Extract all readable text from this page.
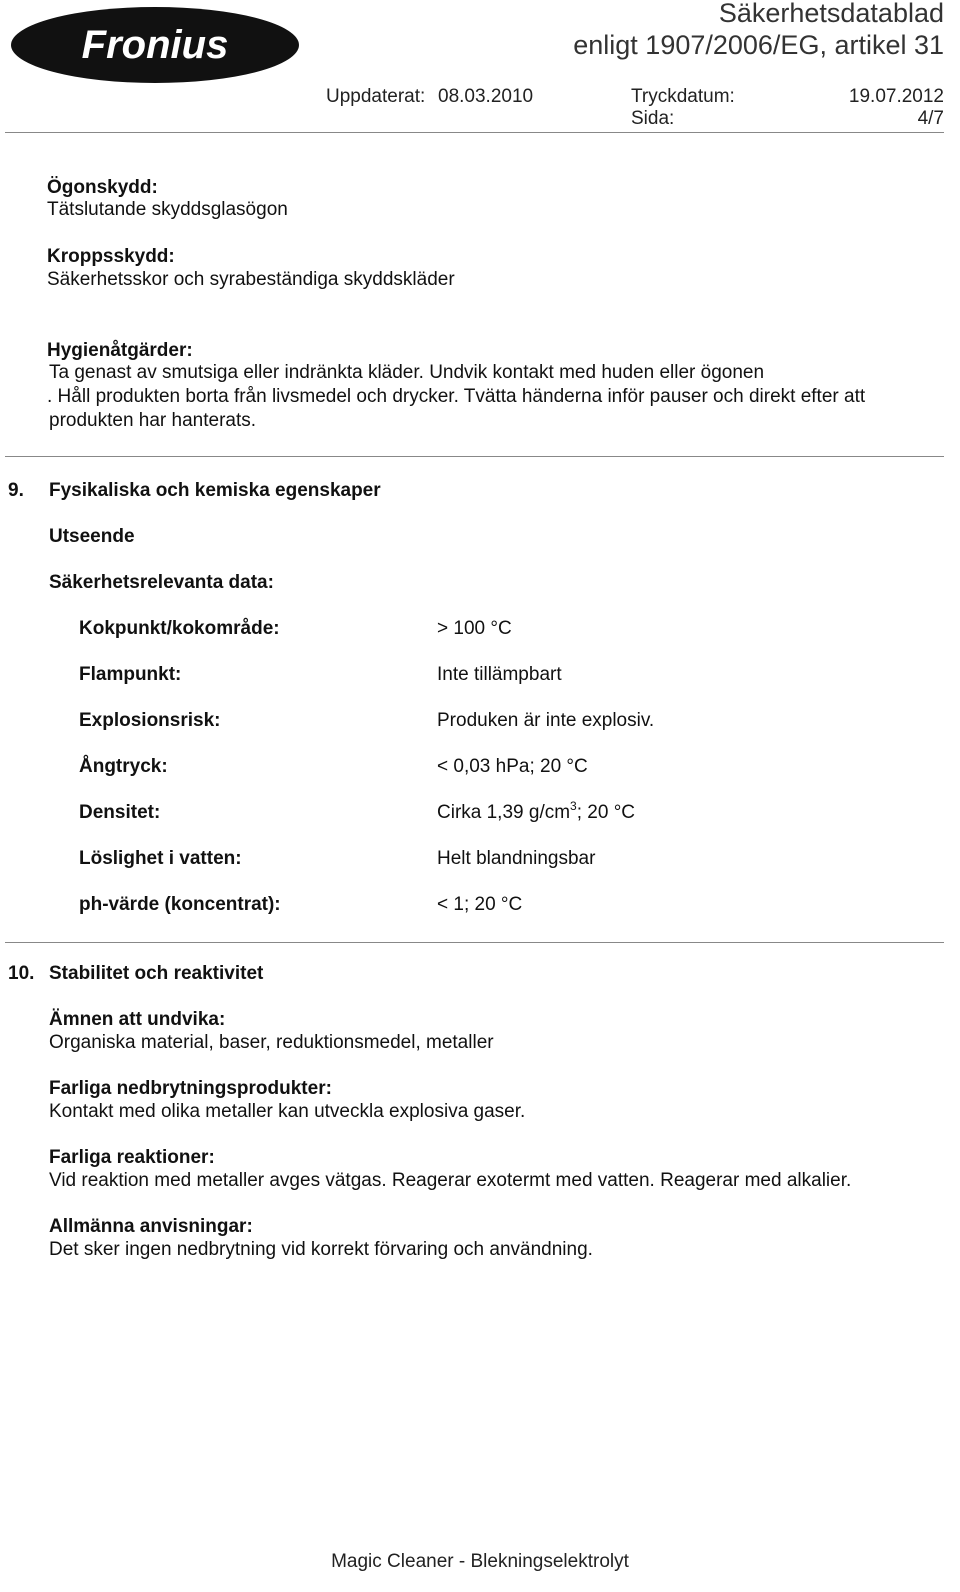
Fronius
Säkerhetsdatablad
enligt 1907/2006/EG, artikel 31
Uppdaterat: 08.03.2010	Tryckdatum:	19.07.2012
Sida:	4/7
Ögonskydd:
Tätslutande skyddsglasögon
Kroppsskydd:
Säkerhetsskor och syrabeständiga skyddskläder
Hygienåtgärder:
Ta genast av smutsiga eller indränkta kläder. Undvik kontakt med huden eller ögonen
. Håll produkten borta från livsmedel och drycker. Tvätta händerna inför pauser och direkt efter att
produkten har hanterats.
9. Fysikaliska och kemiska egenskaper
Utseende
Säkerhetsrelevanta data:
Kokpunkt/kokområde:	> 100 °C
Flampunkt:	Inte tillämpbart
Explosionsrisk:	Produken är inte explosiv.
Ångtryck:	< 0,03 hPa; 20 °C
Densitet:	Cirka 1,39 $g/cm^3$; 20 °C
Löslighet i vatten:	Helt blandningsbar
ph-värde (koncentrat):	< 1; 20 °C
10. Stabilitet och reaktivitet
Ämnen att undvika:
Organiska material, baser, reduktionsmedel, metaller
Farliga nedbrytningsprodukter:
Kontakt med olika metaller kan utveckla explosiva gaser.
Farliga reaktioner:
Vid reaktion med metaller avges vätgas. Reagerar exotermt med vatten. Reagerar med alkalier.
Allmänna anvisningar:
Det sker ingen nedbrytning vid korrekt förvaring och användning.
Magic Cleaner - Blekningselektrolyt
